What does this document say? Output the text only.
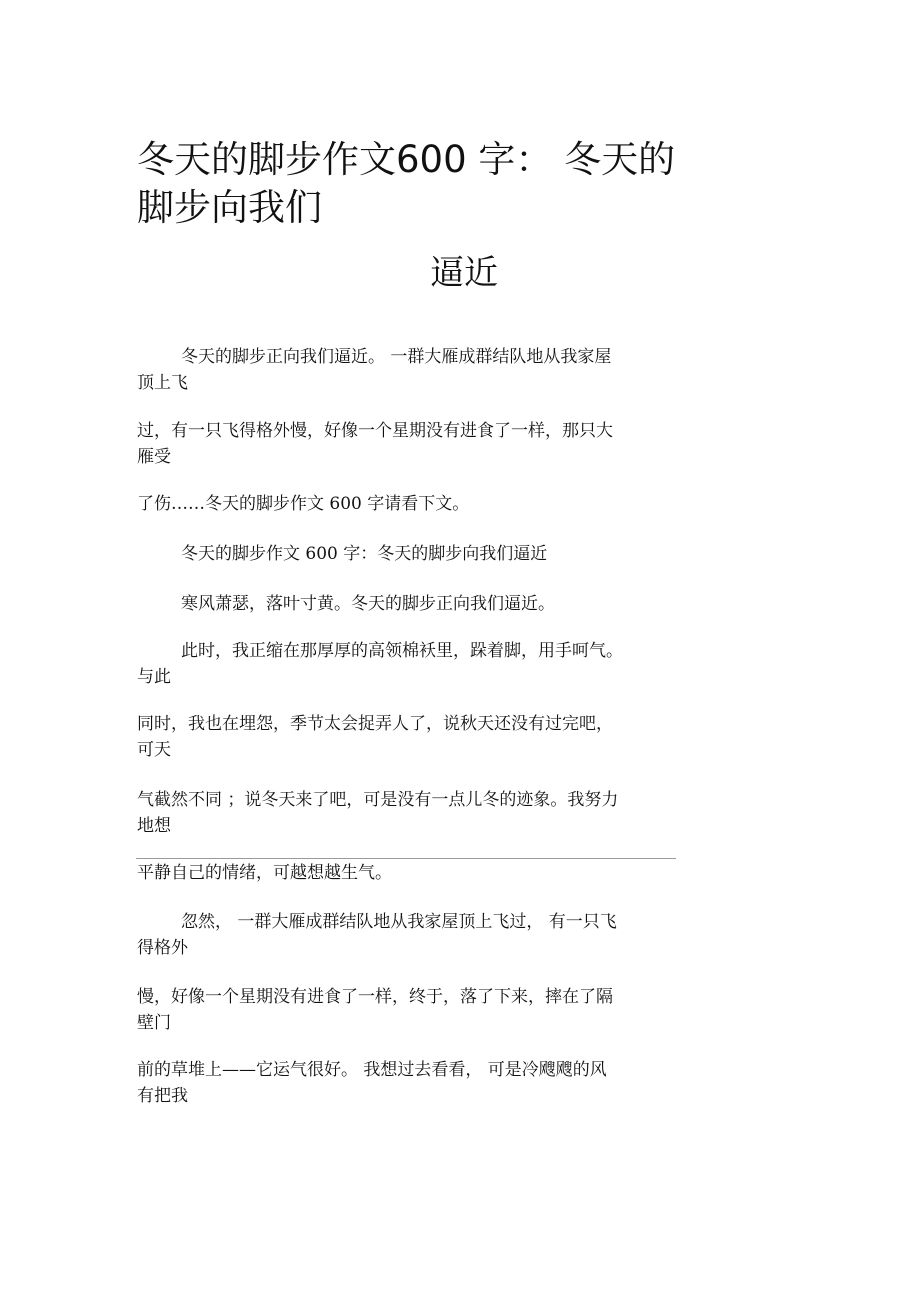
冬天的脚步作文600 字： 冬天的
脚步向我们
逼近

冬天的脚步正向我们逼近。 一群大雁成群结队地从我家屋

顶上飞

过，有一只飞得格外慢，好像一个星期没有进食了一样，那只大

雁受

了伤……冬天的脚步作文 600 字请看下文。

冬天的脚步作文 600 字：冬天的脚步向我们逼近

寒风萧瑟，落叶寸黄。冬天的脚步正向我们逼近。

此时，我正缩在那厚厚的高领棉袄里，跺着脚，用手呵气。

与此

同时，我也在埋怨，季节太会捉弄人了，说秋天还没有过完吧，

可天

气截然不同 ；说冬天来了吧，可是没有一点儿冬的迹象。我努力

地想

平静自己的情绪，可越想越生气。

忽然， 一群大雁成群结队地从我家屋顶上飞过， 有一只飞

得格外

慢，好像一个星期没有进食了一样，终于，落了下来，摔在了隔

壁门

前的草堆上——它运气很好。 我想过去看看， 可是冷飕飕的风

有把我
